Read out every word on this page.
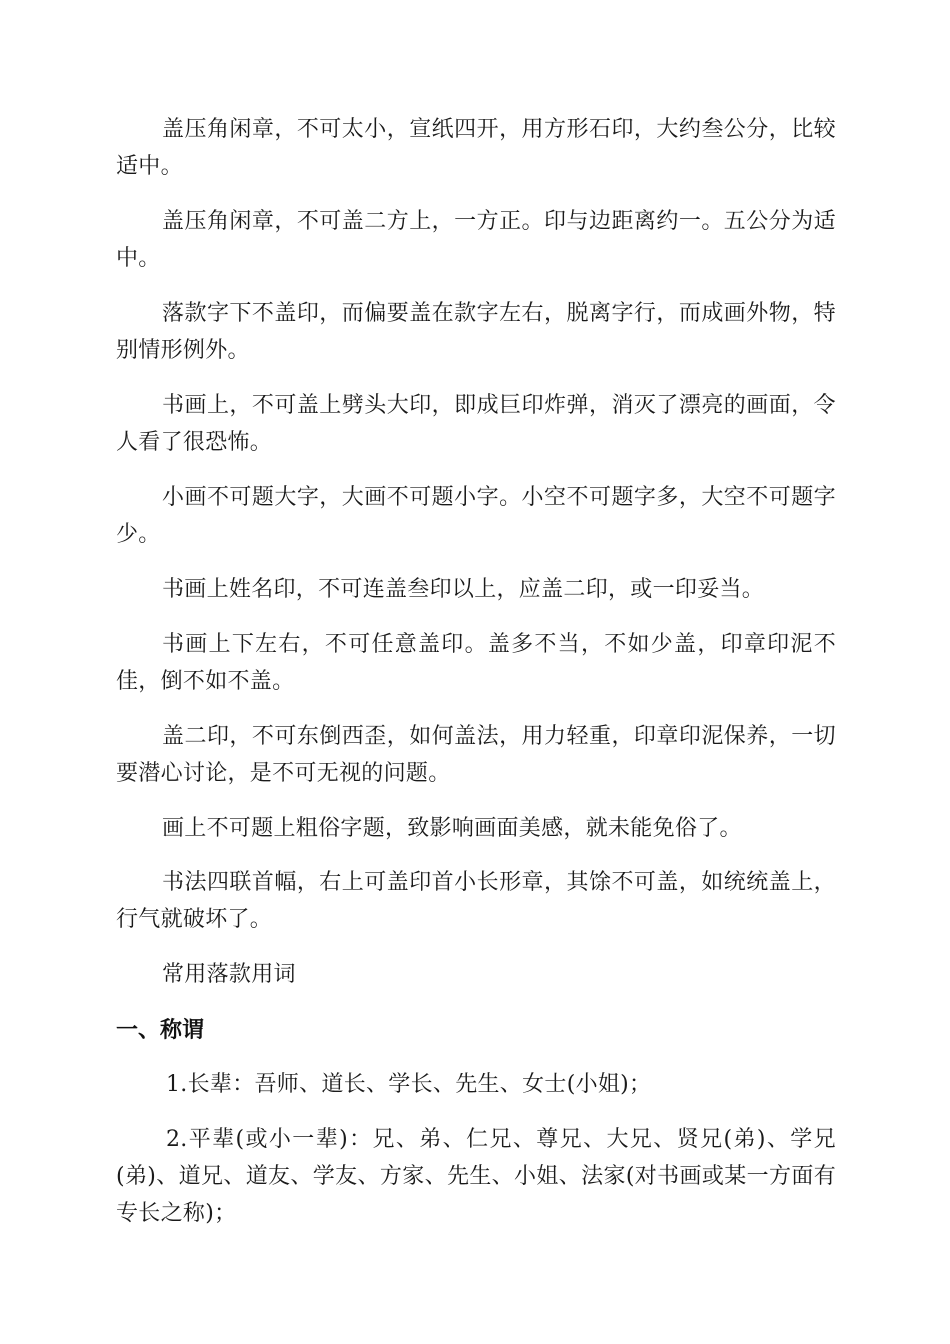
盖压角闲章，不可太小，宣纸四开，用方形石印，大约叁公分，比较适中。

盖压角闲章，不可盖二方上，一方正。印与边距离约一。五公分为适中。

落款字下不盖印，而偏要盖在款字左右，脱离字行，而成画外物，特别情形例外。

书画上，不可盖上劈头大印，即成巨印炸弹，消灭了漂亮的画面，令人看了很恐怖。

小画不可题大字，大画不可题小字。小空不可题字多，大空不可题字少。

书画上姓名印，不可连盖叁印以上，应盖二印，或一印妥当。

书画上下左右，不可任意盖印。盖多不当，不如少盖，印章印泥不佳，倒不如不盖。

盖二印，不可东倒西歪，如何盖法，用力轻重，印章印泥保养，一切要潜心讨论，是不可无视的问题。

画上不可题上粗俗字题，致影响画面美感，就未能免俗了。

书法四联首幅，右上可盖印首小长形章，其馀不可盖，如统统盖上，行气就破坏了。

常用落款用词

一、称谓

1.长辈：吾师、道长、学长、先生、女士(小姐)；

2.平辈(或小一辈)：兄、弟、仁兄、尊兄、大兄、贤兄(弟)、学兄(弟)、道兄、道友、学友、方家、先生、小姐、法家(对书画或某一方面有专长之称)；
